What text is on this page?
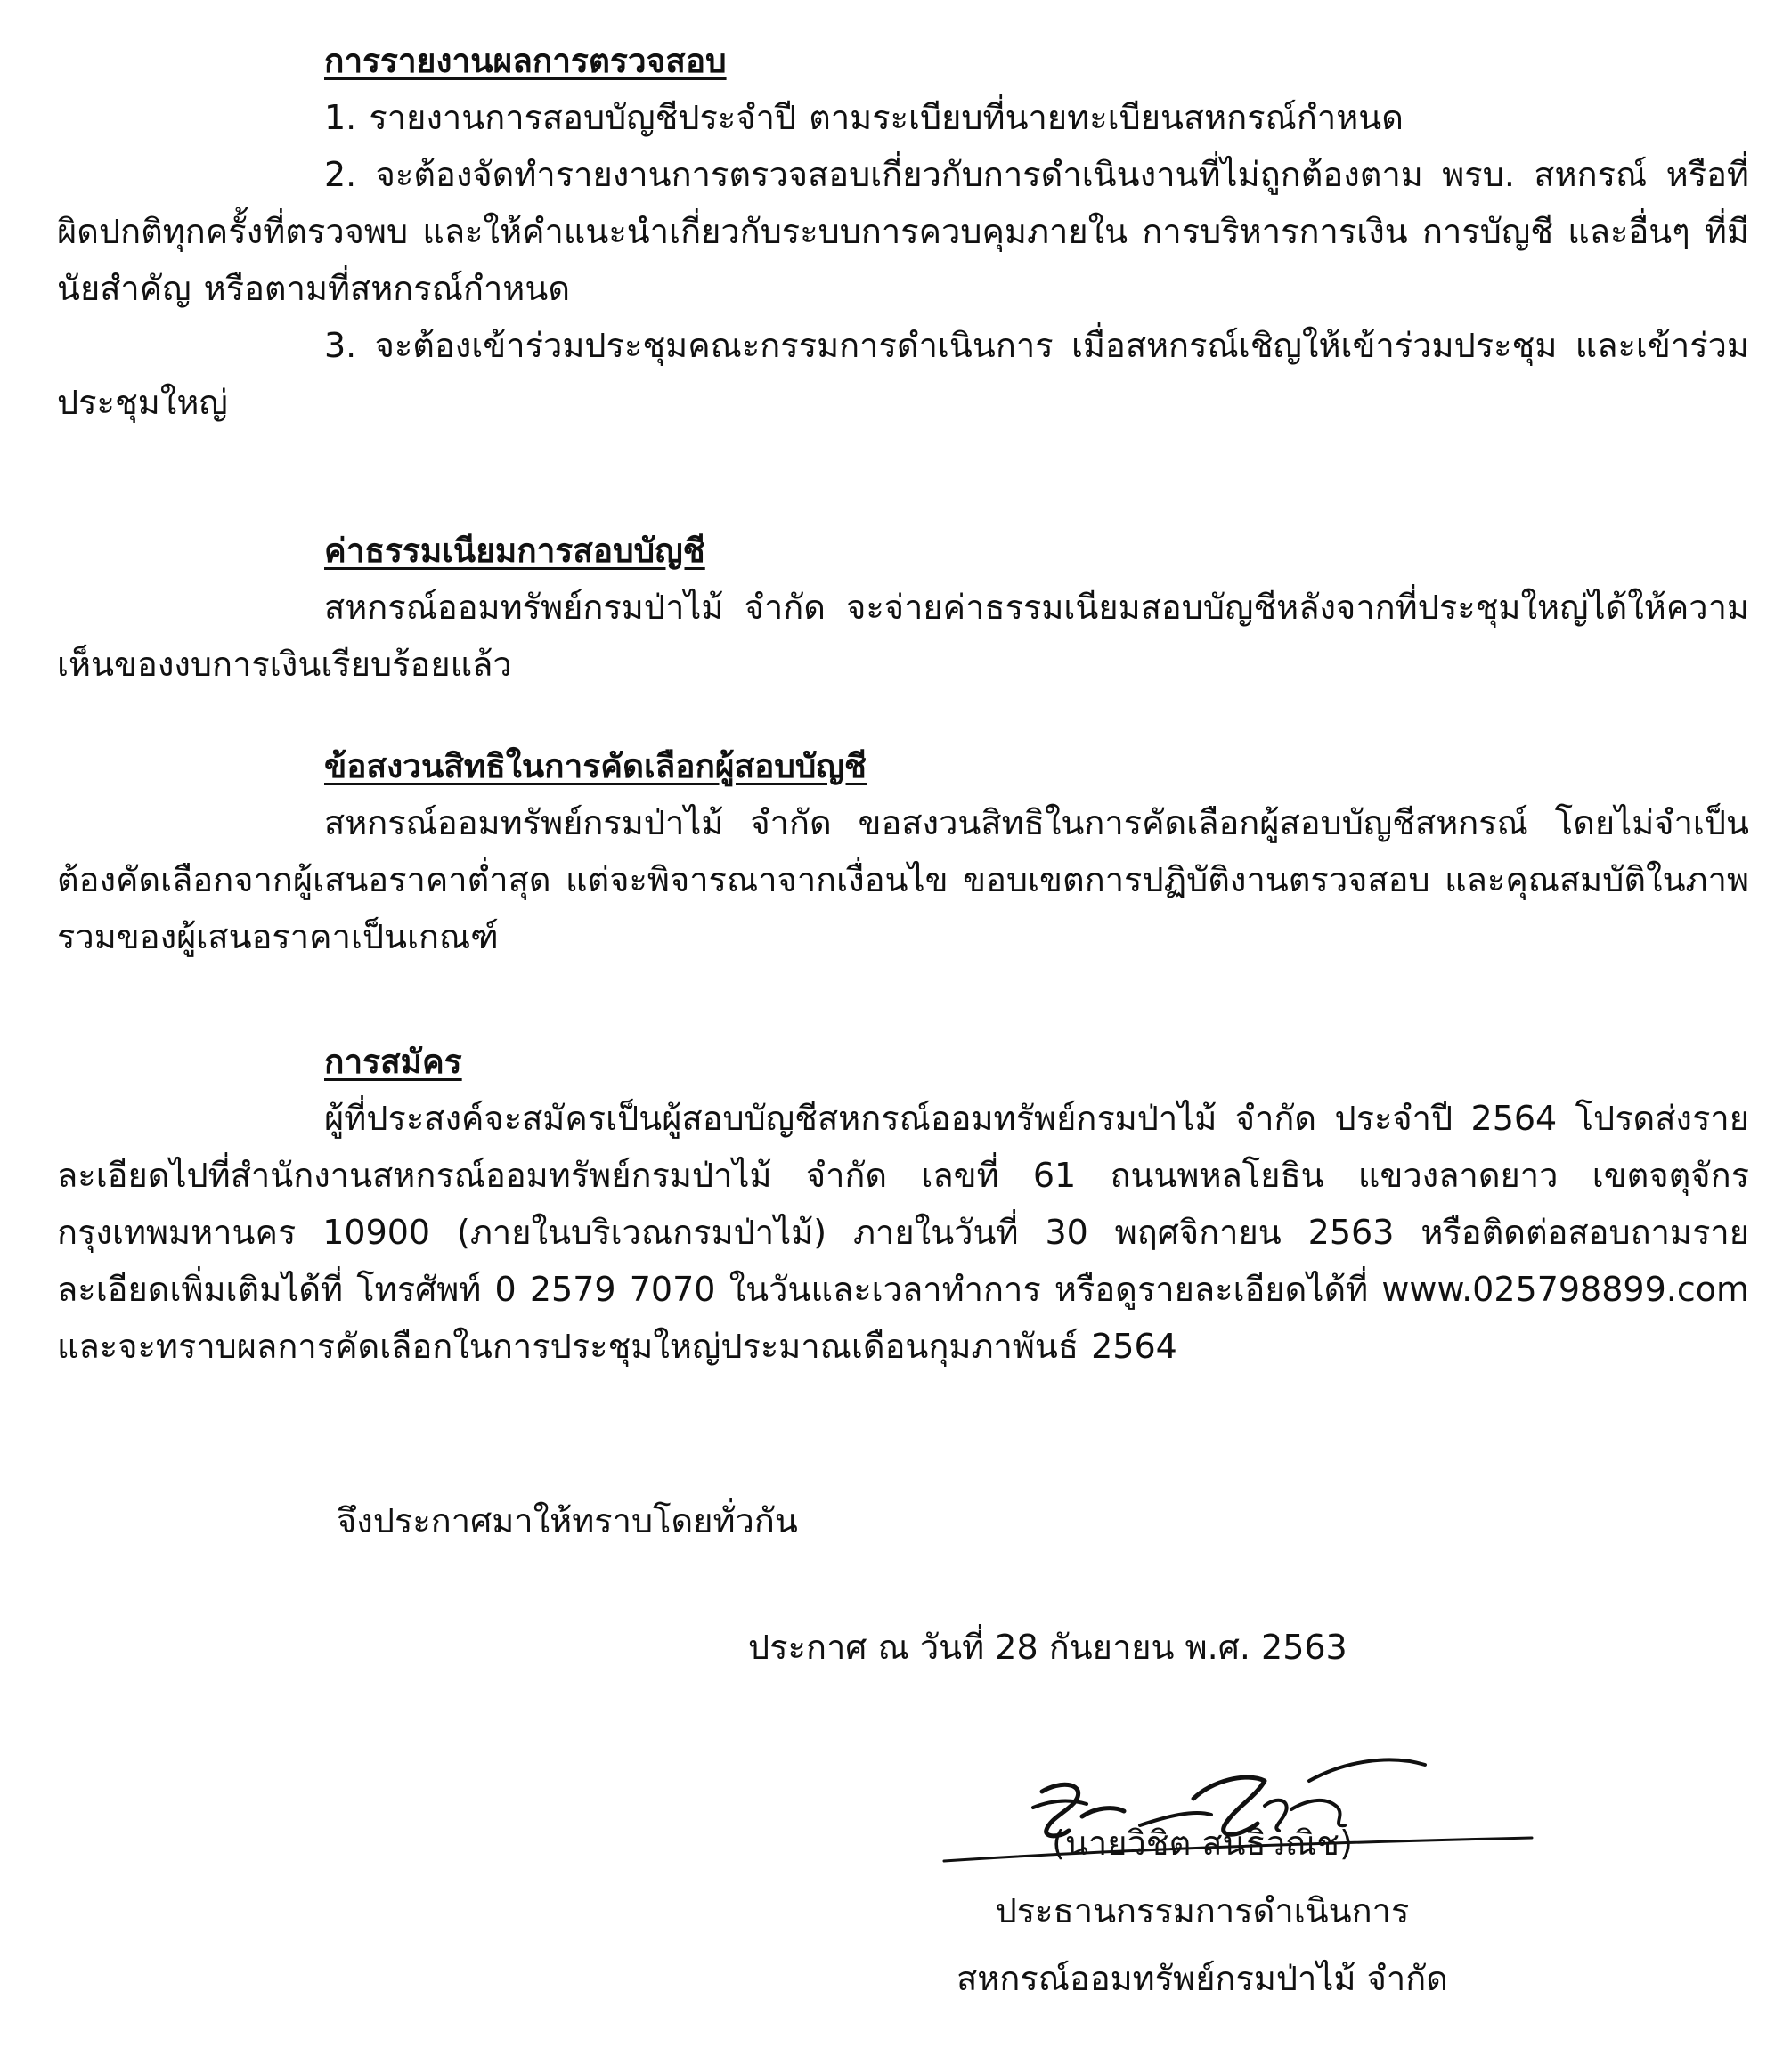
การรายงานผลการตรวจสอบ

1. รายงานการสอบบัญชีประจำปี ตามระเบียบที่นายทะเบียนสหกรณ์กำหนด

2. จะต้องจัดทำรายงานการตรวจสอบเกี่ยวกับการดำเนินงานที่ไม่ถูกต้องตาม พรบ. สหกรณ์ หรือที่ผิดปกติทุกครั้งที่ตรวจพบ และให้คำแนะนำเกี่ยวกับระบบการควบคุมภายใน การบริหารการเงิน การบัญชี และอื่นๆ ที่มีนัยสำคัญ หรือตามที่สหกรณ์กำหนด

3. จะต้องเข้าร่วมประชุมคณะกรรมการดำเนินการ เมื่อสหกรณ์เชิญให้เข้าร่วมประชุม และเข้าร่วมประชุมใหญ่

ค่าธรรมเนียมการสอบบัญชี

สหกรณ์ออมทรัพย์กรมป่าไม้ จำกัด จะจ่ายค่าธรรมเนียมสอบบัญชีหลังจากที่ประชุมใหญ่ได้ให้ความเห็นของงบการเงินเรียบร้อยแล้ว

ข้อสงวนสิทธิในการคัดเลือกผู้สอบบัญชี

สหกรณ์ออมทรัพย์กรมป่าไม้ จำกัด ขอสงวนสิทธิในการคัดเลือกผู้สอบบัญชีสหกรณ์ โดยไม่จำเป็นต้องคัดเลือกจากผู้เสนอราคาต่ำสุด แต่จะพิจารณาจากเงื่อนไข ขอบเขตการปฏิบัติงานตรวจสอบ และคุณสมบัติในภาพรวมของผู้เสนอราคาเป็นเกณฑ์

การสมัคร

ผู้ที่ประสงค์จะสมัครเป็นผู้สอบบัญชีสหกรณ์ออมทรัพย์กรมป่าไม้ จำกัด ประจำปี 2564 โปรดส่งรายละเอียดไปที่สำนักงานสหกรณ์ออมทรัพย์กรมป่าไม้ จำกัด เลขที่ 61 ถนนพหลโยธิน แขวงลาดยาว เขตจตุจักร กรุงเทพมหานคร 10900 (ภายในบริเวณกรมป่าไม้) ภายในวันที่ 30 พฤศจิกายน 2563 หรือติดต่อสอบถามรายละเอียดเพิ่มเติมได้ที่ โทรศัพท์ 0 2579 7070 ในวันและเวลาทำการ หรือดูรายละเอียดได้ที่ www.025798899.com และจะทราบผลการคัดเลือกในการประชุมใหญ่ประมาณเดือนกุมภาพันธ์ 2564

จึงประกาศมาให้ทราบโดยทั่วกัน
ประกาศ ณ วันที่ 28 กันยายน พ.ศ. 2563
(นายวิชิต สนธิวณิช)
ประธานกรรมการดำเนินการ
สหกรณ์ออมทรัพย์กรมป่าไม้ จำกัด
